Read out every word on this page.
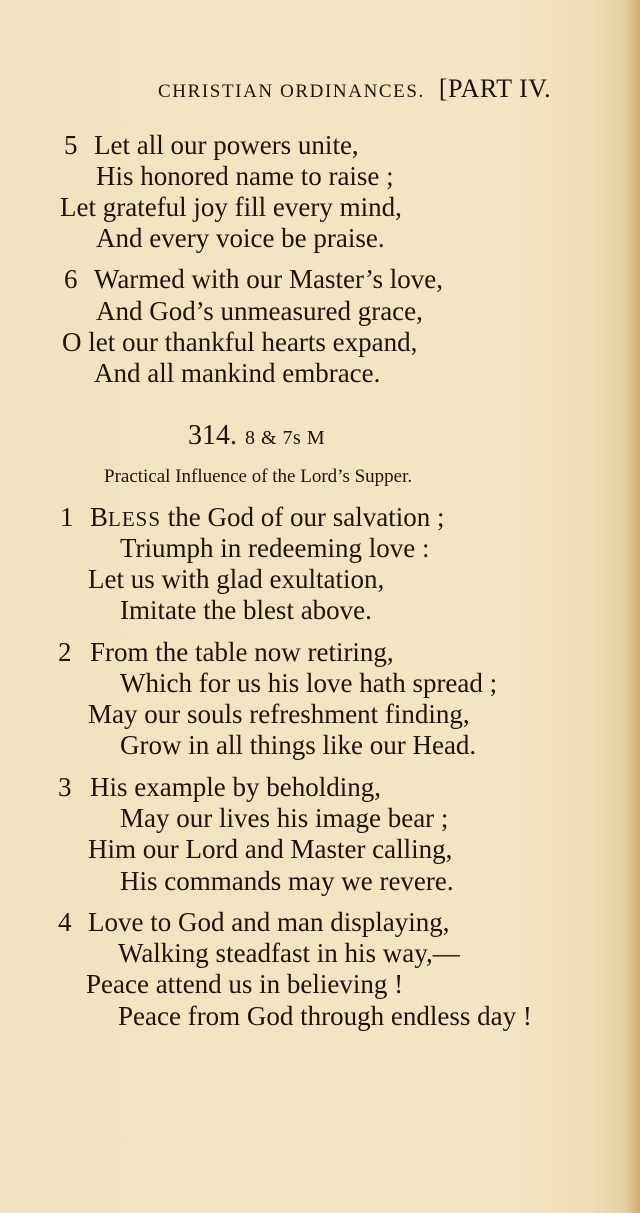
CHRISTIAN ORDINANCES. [PART IV.
5 Let all our powers unite,
His honored name to raise ;
Let grateful joy fill every mind,
And every voice be praise.
6 Warmed with our Master’s love,
And God’s unmeasured grace,
O let our thankful hearts expand,
And all mankind embrace.
314. 8 & 7s M
Practical Influence of the Lord’s Supper.
1 BLESS the God of our salvation ;
Triumph in redeeming love :
Let us with glad exultation,
Imitate the blest above.
2 From the table now retiring,
Which for us his love hath spread ;
May our souls refreshment finding,
Grow in all things like our Head.
3 His example by beholding,
May our lives his image bear ;
Him our Lord and Master calling,
His commands may we revere.
4 Love to God and man displaying,
Walking steadfast in his way,—
Peace attend us in believing !
Peace from God through endless day !
